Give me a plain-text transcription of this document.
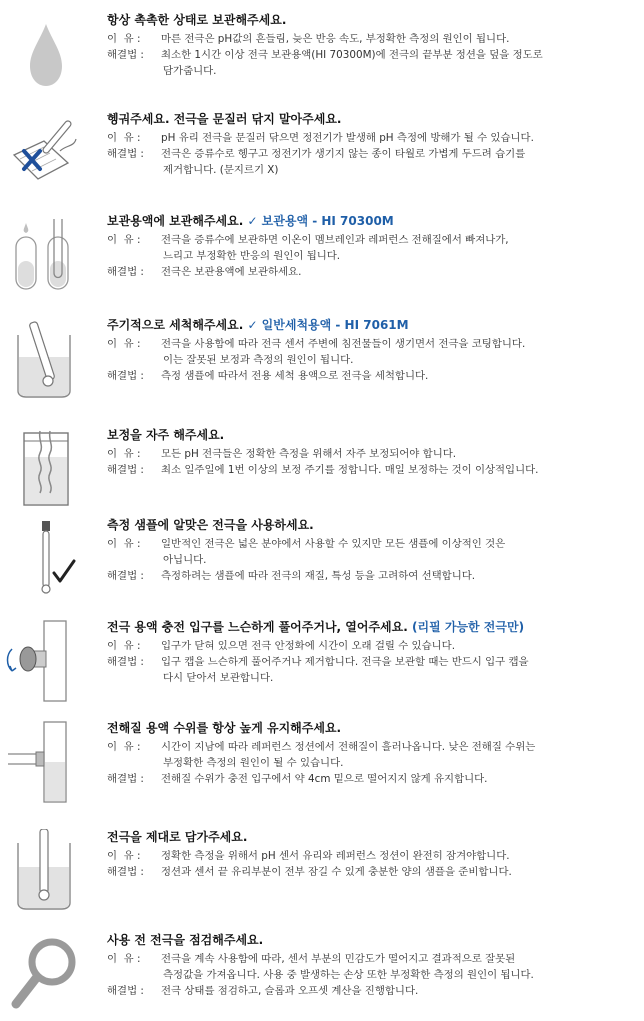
항상 촉촉한 상태로 보관해주세요.
이  유 :	마른 전극은 pH값의 흔들림, 늦은 반응 속도, 부정확한 측정의 원인이 됩니다.
해결법 :	최소한 1시간 이상 전극 보관용액(HI 70300M)에 전극의 끝부분 정션을 덮을 정도로
담가줍니다.
헹궈주세요. 전극을 문질러 닦지 말아주세요.
이  유 :	pH 유리 전극을 문질러 닦으면 정전기가 발생해 pH 측정에 방해가 될 수 있습니다.
해결법 :	전극은 증류수로 헹구고 정전기가 생기지 않는 종이 타월로 가볍게 두드려 습기를
제거합니다. (문지르기 X)
보관용액에 보관해주세요. ✓ 보관용액 - HI 70300M
이  유 :	전극을 증류수에 보관하면 이온이 멤브레인과 레퍼런스 전해질에서 빠져나가,
느리고 부정확한 반응의 원인이 됩니다.
해결법 :	전극은 보관용액에 보관하세요.
주기적으로 세척해주세요. ✓ 일반세척용액 - HI 7061M
이  유 :	전극을 사용함에 따라 전극 센서 주변에 침전물들이 생기면서 전극을 코팅합니다.
이는 잘못된 보정과 측정의 원인이 됩니다.
해결법 :	측정 샘플에 따라서 전용 세척 용액으로 전극을 세척합니다.
보정을 자주 해주세요.
이  유 :	모든 pH 전극들은 정확한 측정을 위해서 자주 보정되어야 합니다.
해결법 :	최소 일주일에 1번 이상의 보정 주기를 정합니다. 매일 보정하는 것이 이상적입니다.
측정 샘플에 알맞은 전극을 사용하세요.
이  유 :	일반적인 전극은 넓은 분야에서 사용할 수 있지만 모든 샘플에 이상적인 것은
아닙니다.
해결법 :	측정하려는 샘플에 따라 전극의 재질, 특성 등을 고려하여 선택합니다.
전극 용액 충전 입구를 느슨하게 풀어주거나, 열어주세요. (리필 가능한 전극만)
이  유 :	입구가 닫혀 있으면 전극 안정화에 시간이 오래 걸릴 수 있습니다.
해결법 :	입구 캡을 느슨하게 풀어주거나 제거합니다. 전극을 보관할 때는 반드시 입구 캡을
다시 닫아서 보관합니다.
전해질 용액 수위를 항상 높게 유지해주세요.
이  유 :	시간이 지남에 따라 레퍼런스 정션에서 전해질이 흘러나옵니다. 낮은 전해질 수위는
부정확한 측정의 원인이 될 수 있습니다.
해결법 :	전해질 수위가 충전 입구에서 약 4cm 밑으로 떨어지지 않게 유지합니다.
전극을 제대로 담가주세요.
이  유 :	정확한 측정을 위해서 pH 센서 유리와 레퍼런스 정션이 완전히 잠겨야합니다.
해결법 :	정션과 센서 끝 유리부분이 전부 잠길 수 있게 충분한 양의 샘플을 준비합니다.
사용 전 전극을 점검해주세요.
이  유 :	전극을 계속 사용함에 따라, 센서 부분의 민감도가 떨어지고 결과적으로 잘못된
측정값을 가져옵니다. 사용 중 발생하는 손상 또한 부정확한 측정의 원인이 됩니다.
해결법 :	전극 상태를 점검하고, 슬롭과 오프셋 계산을 진행합니다.
